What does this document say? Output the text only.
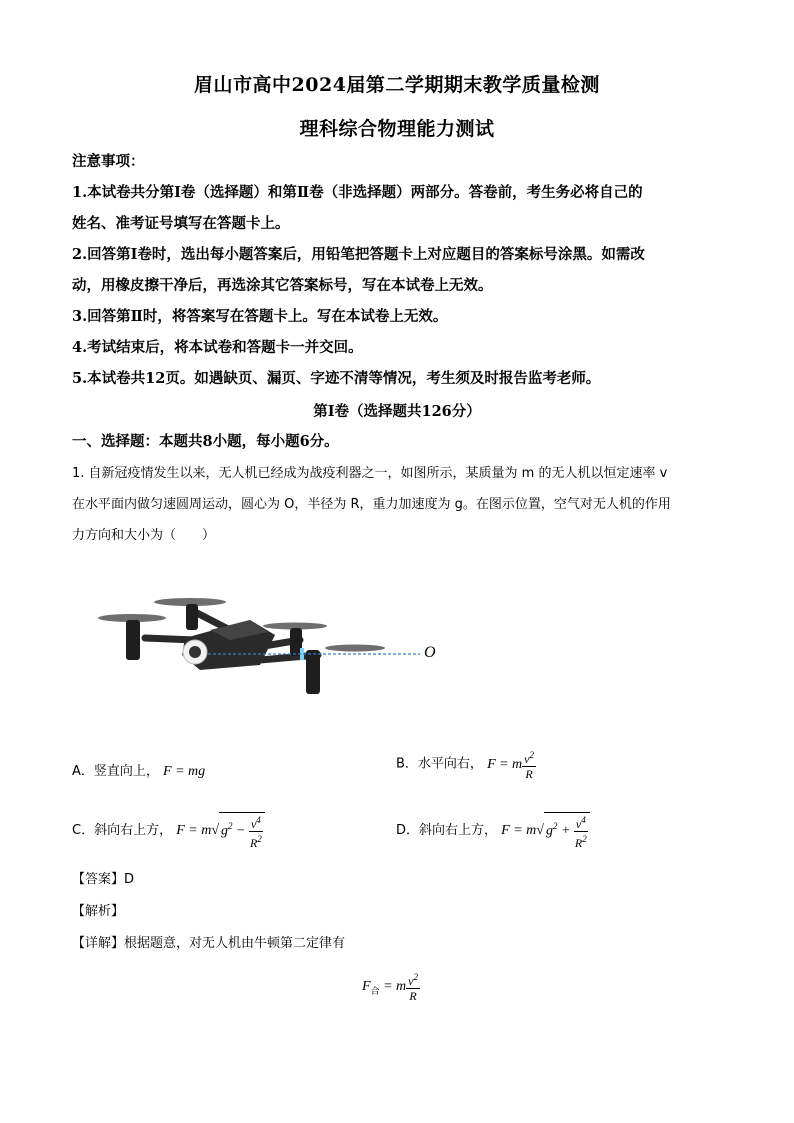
眉山市高中2024届第二学期期末教学质量检测
理科综合物理能力测试

注意事项：

1.本试卷共分第Ⅰ卷（选择题）和第Ⅱ卷（非选择题）两部分。答卷前，考生务必将自己的

姓名、准考证号填写在答题卡上。

2.回答第Ⅰ卷时，选出每小题答案后，用铅笔把答题卡上对应题目的答案标号涂黑。如需改

动，用橡皮擦干净后，再选涂其它答案标号，写在本试卷上无效。

3.回答第Ⅱ时，将答案写在答题卡上。写在本试卷上无效。

4.考试结束后，将本试卷和答题卡一并交回。

5.本试卷共12页。如遇缺页、漏页、字迹不清等情况，考生须及时报告监考老师。

第Ⅰ卷（选择题共126分）
一、选择题：本题共8小题，每小题6分。

1. 自新冠疫情发生以来，无人机已经成为战疫利器之一，如图所示，某质量为 m 的无人机以恒定速率 v

在水平面内做匀速圆周运动，圆心为 O，半径为 R，重力加速度为 g。在图示位置，空气对无人机的作用

力方向和大小为（　　）

O
A．竖直向上， F = mg	B．水平向右， F = m $\frac{v^2}{R}$
C．斜向右上方， F = m√ $g^2 - \frac{v^4}{R^2}$	D．斜向右上方， F = m√ $g^2 + \frac{v^4}{R^2}$
【答案】D
【解析】
【详解】根据题意，对无人机由牛顿第二定律有
$F_合 = m \frac{v^2}{R}$
